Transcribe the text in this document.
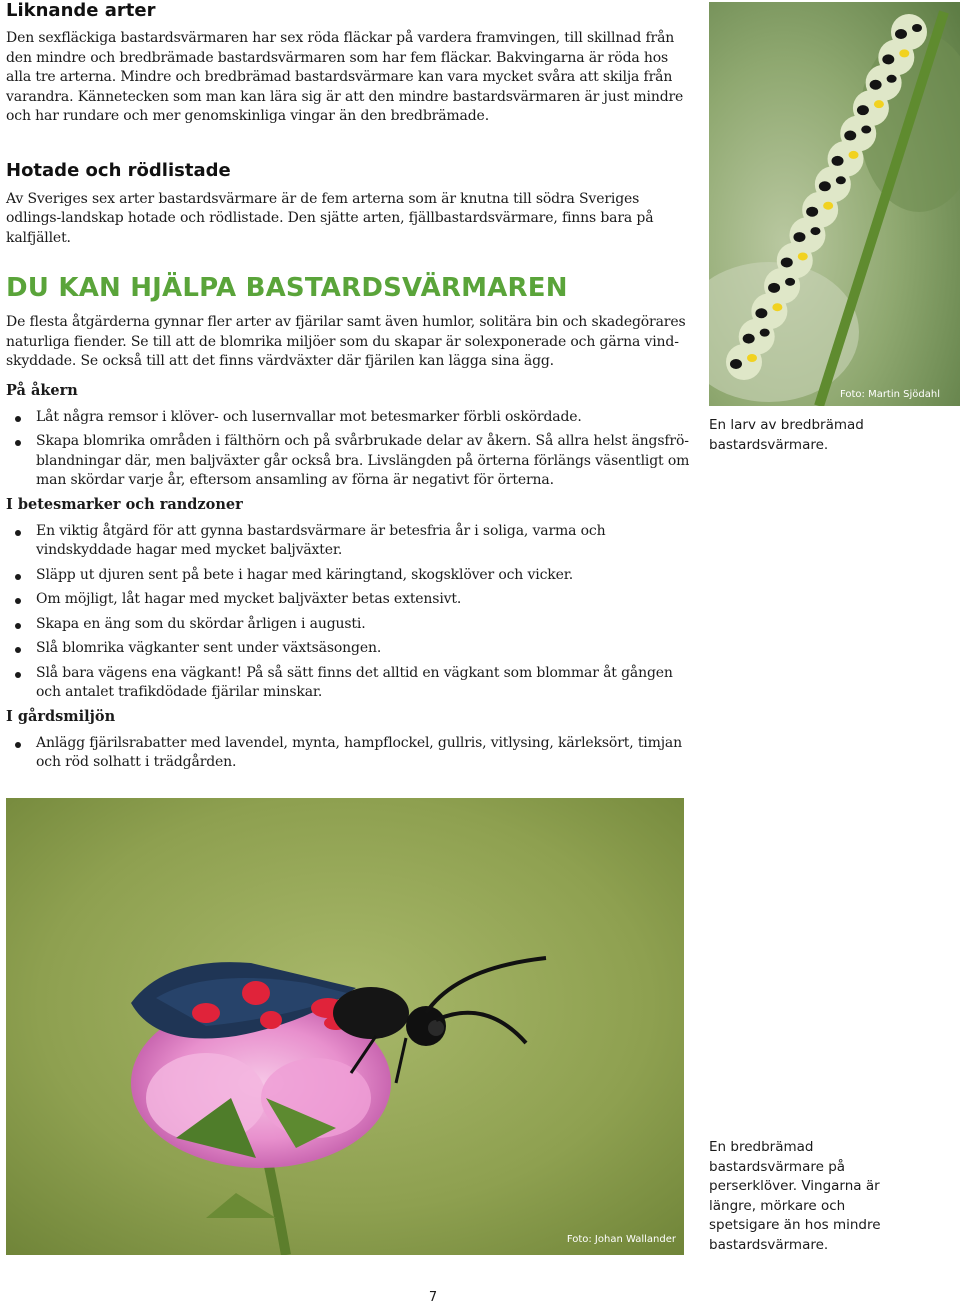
Liknande arter

Den sexfläckiga bastardsvärmaren har sex röda fläckar på vardera framvingen, till skillnad från den mindre och bredbrämade bastardsvärmaren som har fem fläckar. Bakvingarna är röda hos alla tre arterna. Mindre och bredbrämad bastardsvärmare kan vara mycket svåra att skilja från varandra. Kännetecken som man kan lära sig är att den mindre bastardsvärmaren är just mindre och har rundare och mer genomskinliga vingar än den bredbrämade.

Hotade och rödlistade

Av Sveriges sex arter bastardsvärmare är de fem arterna som är knutna till södra Sveriges odlings-landskap hotade och rödlistade. Den sjätte arten, fjällbastardsvärmare, finns bara på kalfjället.

DU KAN HJÄLPA BASTARDSVÄRMAREN

De flesta åtgärderna gynnar fler arter av fjärilar samt även humlor, solitära bin och skadegörares naturliga fiender. Se till att de blomrika miljöer som du skapar är solexponerade och gärna vind-skyddade. Se också till att det finns värdväxter där fjärilen kan lägga sina ägg.

På åkern
Låt några remsor i klöver- och lusernvallar mot betesmarker förbli oskördade.
Skapa blomrika områden i fälthörn och på svårbrukade delar av åkern. Så allra helst ängsfrö-blandningar där, men baljväxter går också bra. Livslängden på örterna förlängs väsentligt om man skördar varje år, eftersom ansamling av förna är negativt för örterna.
I betesmarker och randzoner
En viktig åtgärd för att gynna bastardsvärmare är betesfria år i soliga, varma och vindskyddade hagar med mycket baljväxter.
Släpp ut djuren sent på bete i hagar med käringtand, skogsklöver och vicker.
Om möjligt, låt hagar med mycket baljväxter betas extensivt.
Skapa en äng som du skördar årligen i augusti.
Slå blomrika vägkanter sent under växtsäsongen.
Slå bara vägens ena vägkant! På så sätt finns det alltid en vägkant som blommar åt gången och antalet trafikdödade fjärilar minskar.
I gårdsmiljön
Anlägg fjärilsrabatter med lavendel, mynta, hampflockel, gullris, vitlysing, kärleksört, timjan och röd solhatt i trädgården.
Foto: Martin Sjödahl
En larv av bredbrämad bastardsvärmare.
Foto: Johan Wallander
En bredbrämad bastardsvärmare på perserklöver. Vingarna är längre, mörkare och spetsigare än hos mindre bastardsvärmare.
7
